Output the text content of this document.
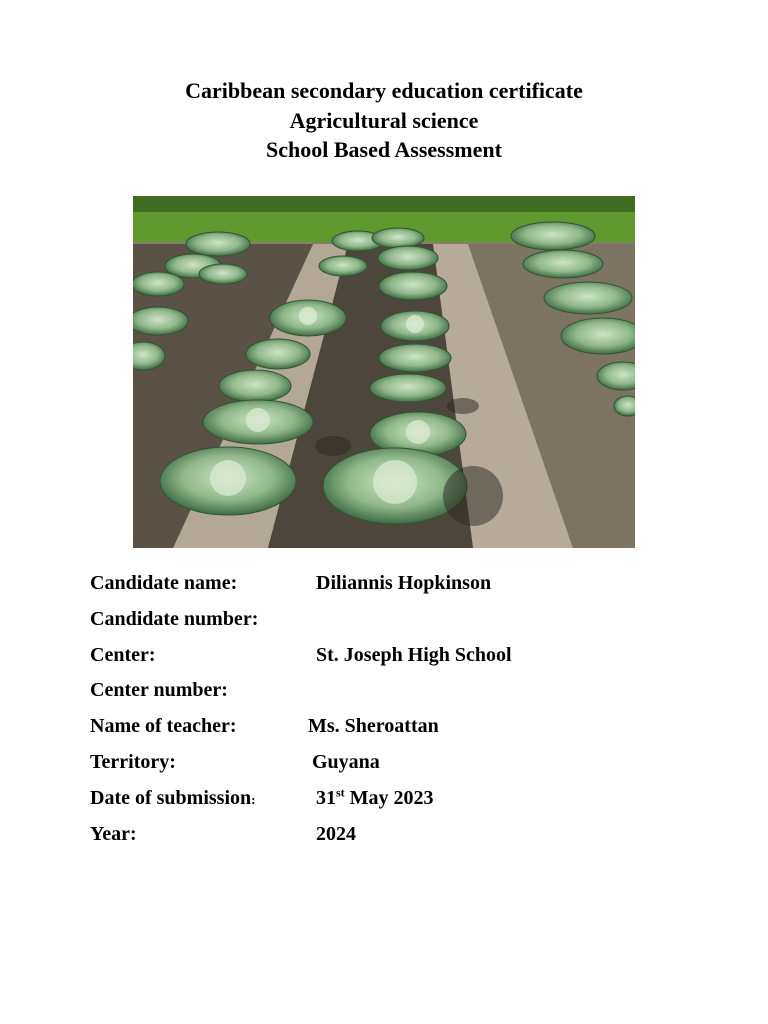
Caribbean secondary education certificate
Agricultural science
School Based Assessment
Candidate name:	Diliannis Hopkinson
Candidate number:
Center:	St. Joseph High School
Center number:
Name of teacher:	Ms. Sheroattan
Territory:	Guyana
Date of submission:	31st May 2023
Year:	2024
